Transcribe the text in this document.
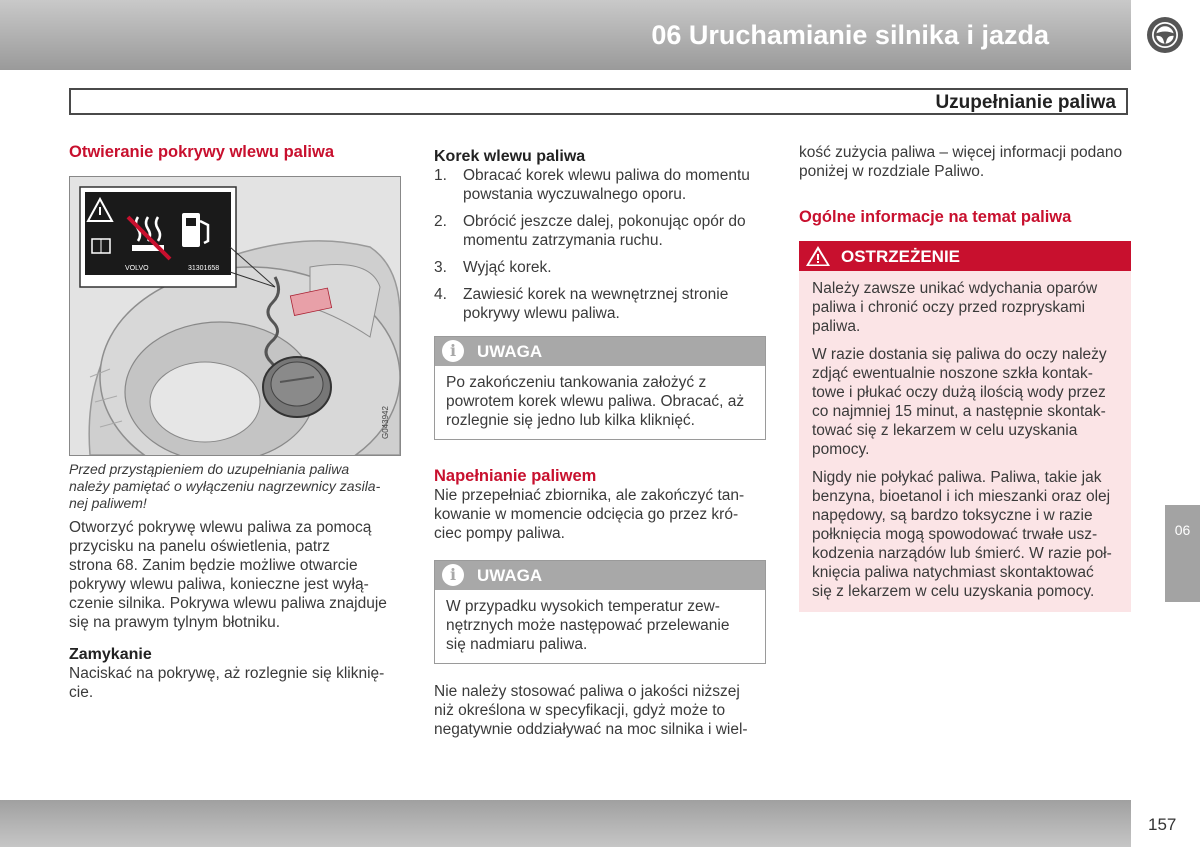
06 Uruchamianie silnika i jazda
Uzupełnianie paliwa

Otwieranie pokrywy wlewu paliwa

VOLVO	31301658
G043942
Przed przystąpieniem do uzupełniania paliwa
należy pamiętać o wyłączeniu nagrzewnicy zasila-
nej paliwem!
Otworzyć pokrywę wlewu paliwa za pomocą
przycisku na panelu oświetlenia, patrz
strona 68. Zanim będzie możliwe otwarcie
pokrywy wlewu paliwa, konieczne jest wyłą-
czenie silnika. Pokrywa wlewu paliwa znajduje
się na prawym tylnym błotniku.

Zamykanie

Naciskać na pokrywę, aż rozlegnie się kliknię-
cie.

Korek wlewu paliwa

1. Obracać korek wlewu paliwa do momentu
powstania wyczuwalnego oporu.
2. Obrócić jeszcze dalej, pokonując opór do
momentu zatrzymania ruchu.
3. Wyjąć korek.
4. Zawiesić korek na wewnętrznej stronie
pokrywy wlewu paliwa.
i	UWAGA
Po zakończeniu tankowania założyć z
powrotem korek wlewu paliwa. Obracać, aż
rozlegnie się jedno lub kilka kliknięć.

Napełnianie paliwem

Nie przepełniać zbiornika, ale zakończyć tan-
kowanie w momencie odcięcia go przez kró-
ciec pompy paliwa.
i	UWAGA
W przypadku wysokich temperatur zew-
nętrznych może następować przelewanie
się nadmiaru paliwa.
Nie należy stosować paliwa o jakości niższej
niż określona w specyfikacji, gdyż może to
negatywnie oddziaływać na moc silnika i wiel-
kość zużycia paliwa – więcej informacji podano
poniżej w rozdziale Paliwo.

Ogólne informacje na temat paliwa

OSTRZEŻENIE

Należy zawsze unikać wdychania oparów
paliwa i chronić oczy przed rozpryskami
paliwa.

W razie dostania się paliwa do oczy należy
zdjąć ewentualnie noszone szkła kontak-
towe i płukać oczy dużą ilością wody przez
co najmniej 15 minut, a następnie skontak-
tować się z lekarzem w celu uzyskania
pomocy.

Nigdy nie połykać paliwa. Paliwa, takie jak
benzyna, bioetanol i ich mieszanki oraz olej
napędowy, są bardzo toksyczne i w razie
połknięcia mogą spowodować trwałe usz-
kodzenia narządów lub śmierć. W razie poł-
knięcia paliwa natychmiast skontaktować
się z lekarzem w celu uzyskania pomocy.

06
157
